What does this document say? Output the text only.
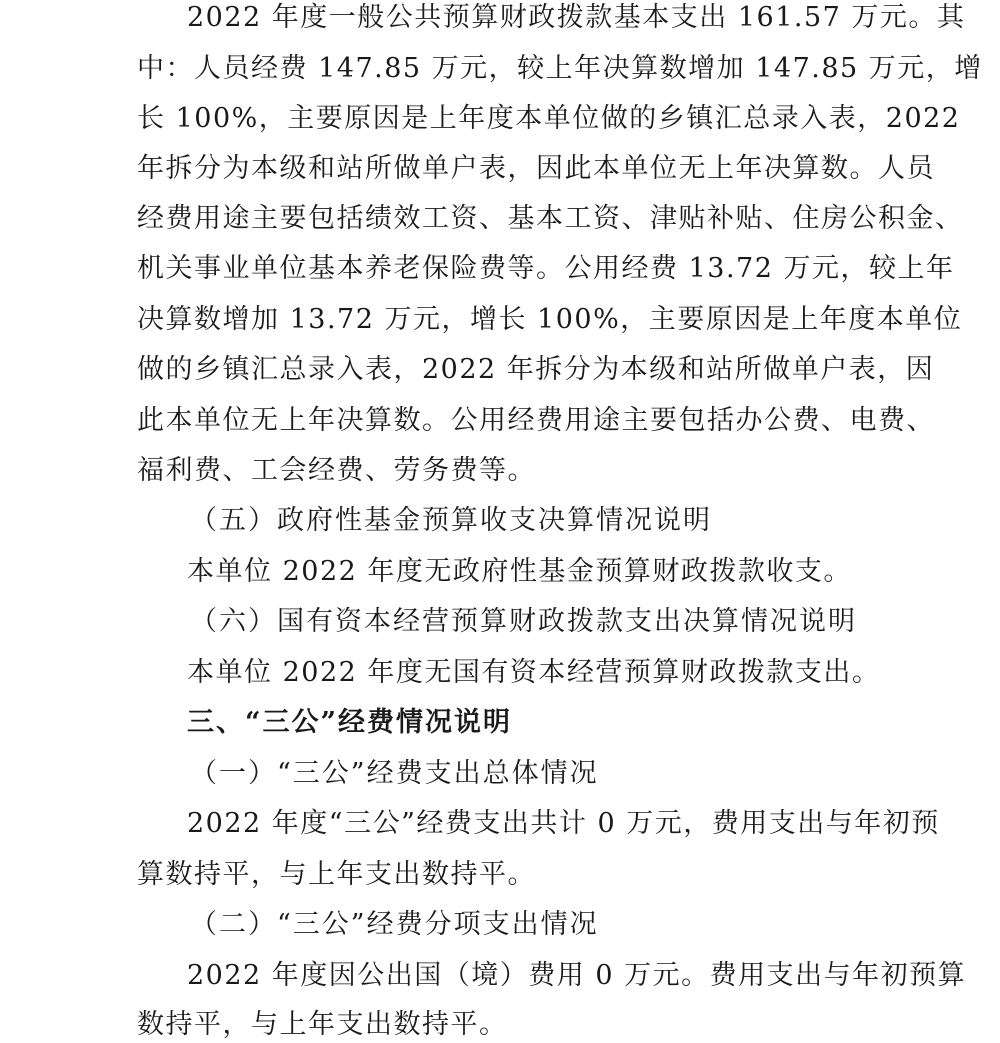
2022 年度一般公共预算财政拨款基本支出 161.57 万元。其
中：人员经费 147.85 万元，较上年决算数增加 147.85 万元，增
长 100%，主要原因是上年度本单位做的乡镇汇总录入表，2022
年拆分为本级和站所做单户表，因此本单位无上年决算数。人员
经费用途主要包括绩效工资、基本工资、津贴补贴、住房公积金、
机关事业单位基本养老保险费等。公用经费 13.72 万元，较上年
决算数增加 13.72 万元，增长 100%，主要原因是上年度本单位
做的乡镇汇总录入表，2022 年拆分为本级和站所做单户表，因
此本单位无上年决算数。公用经费用途主要包括办公费、电费、
福利费、工会经费、劳务费等。
（五）政府性基金预算收支决算情况说明
本单位 2022 年度无政府性基金预算财政拨款收支。
（六）国有资本经营预算财政拨款支出决算情况说明
本单位 2022 年度无国有资本经营预算财政拨款支出。
三、“三公”经费情况说明
（一）“三公”经费支出总体情况
2022 年度“三公”经费支出共计 0 万元，费用支出与年初预
算数持平，与上年支出数持平。
（二）“三公”经费分项支出情况
2022 年度因公出国（境）费用 0 万元。费用支出与年初预算
数持平，与上年支出数持平。
